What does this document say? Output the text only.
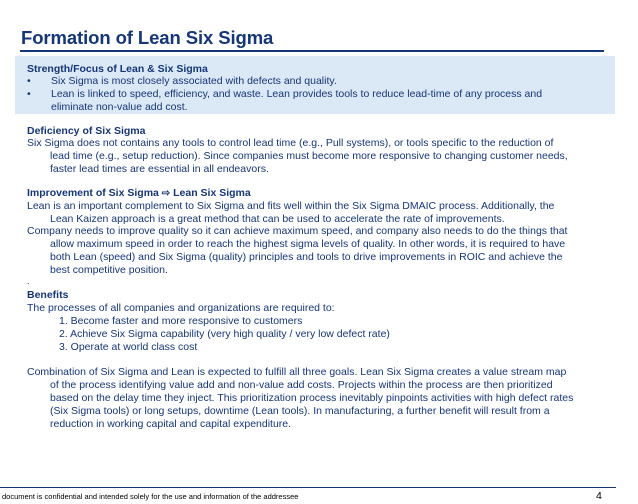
Formation of Lean Six Sigma
Strength/Focus of Lean & Six Sigma
• Six Sigma is most closely associated with defects and quality.
• Lean is linked to speed, efficiency, and waste. Lean provides tools to reduce lead-time of any process and
eliminate non-value add cost.
Deficiency of Six Sigma
Six Sigma does not contains any tools to control lead time (e.g., Pull systems), or tools specific to the reduction of
lead time (e.g., setup reduction). Since companies must become more responsive to changing customer needs,
faster lead times are essential in all endeavors.
Improvement of Six Sigma ⇨ Lean Six Sigma
Lean is an important complement to Six Sigma and fits well within the Six Sigma DMAIC process. Additionally, the
Lean Kaizen approach is a great method that can be used to accelerate the rate of improvements.
Company needs to improve quality so it can achieve maximum speed, and company also needs to do the things that
allow maximum speed in order to reach the highest sigma levels of quality. In other words, it is required to have
both Lean (speed) and Six Sigma (quality) principles and tools to drive improvements in ROIC and achieve the
best competitive position.
.
Benefits
The processes of all companies and organizations are required to:
1. Become faster and more responsive to customers
2. Achieve Six Sigma capability (very high quality / very low defect rate)
3. Operate at world class cost
Combination of Six Sigma and Lean is expected to fulfill all three goals. Lean Six Sigma creates a value stream map
of the process identifying value add and non-value add costs. Projects within the process are then prioritized
based on the delay time they inject. This prioritization process inevitably pinpoints activities with high defect rates
(Six Sigma tools) or long setups, downtime (Lean tools). In manufacturing, a further benefit will result from a
reduction in working capital and capital expenditure.
document is confidential and intended solely for the use and information of the addressee	4
